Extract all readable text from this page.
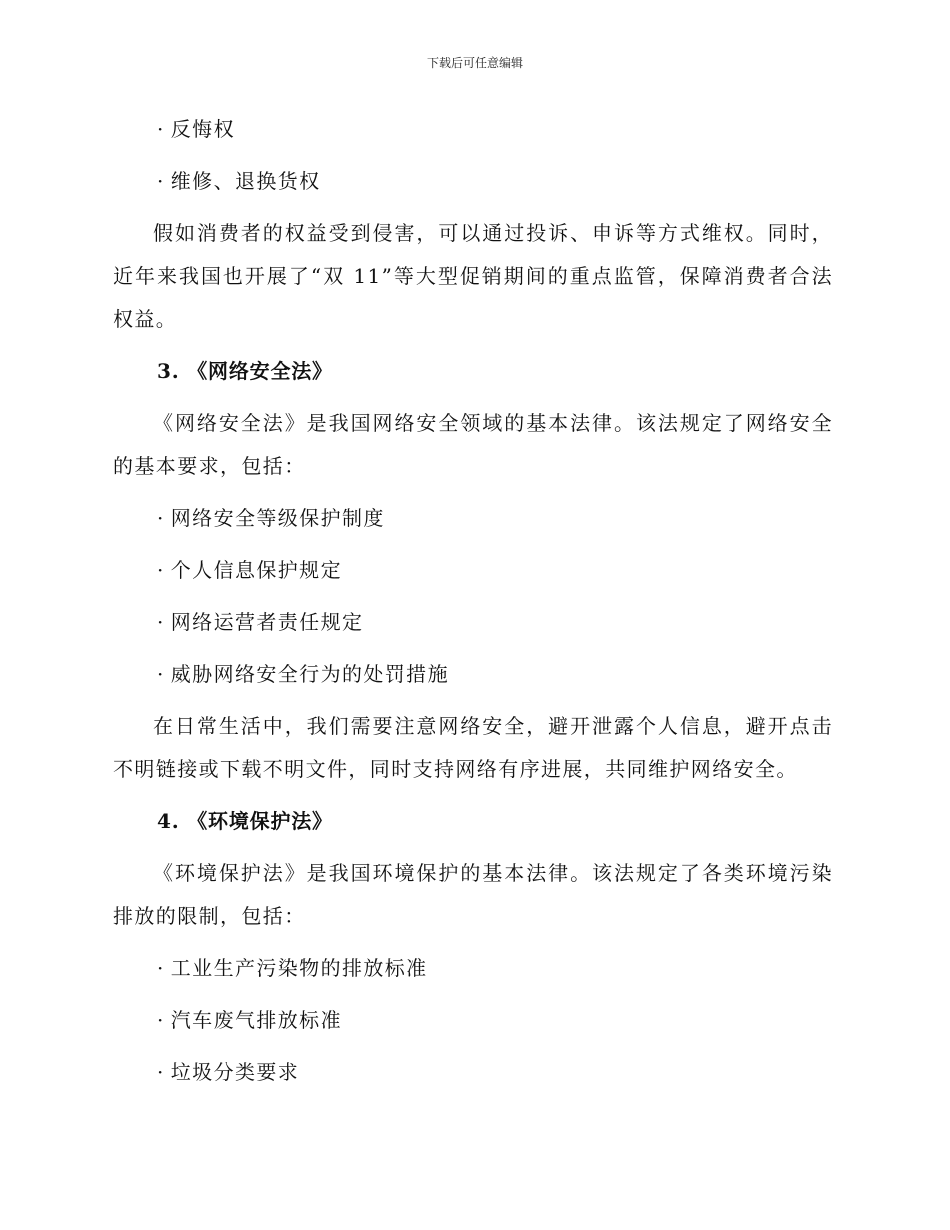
下载后可任意编辑

· 反悔权

· 维修、退换货权

假如消费者的权益受到侵害，可以通过投诉、申诉等方式维权。同时，近年来我国也开展了“双 11”等大型促销期间的重点监管，保障消费者合法权益。

3. 《网络安全法》

《网络安全法》是我国网络安全领域的基本法律。该法规定了网络安全的基本要求，包括：

· 网络安全等级保护制度

· 个人信息保护规定

· 网络运营者责任规定

· 威胁网络安全行为的处罚措施

在日常生活中，我们需要注意网络安全，避开泄露个人信息，避开点击不明链接或下载不明文件，同时支持网络有序进展，共同维护网络安全。

4. 《环境保护法》

《环境保护法》是我国环境保护的基本法律。该法规定了各类环境污染排放的限制，包括：

· 工业生产污染物的排放标准

· 汽车废气排放标准

· 垃圾分类要求
